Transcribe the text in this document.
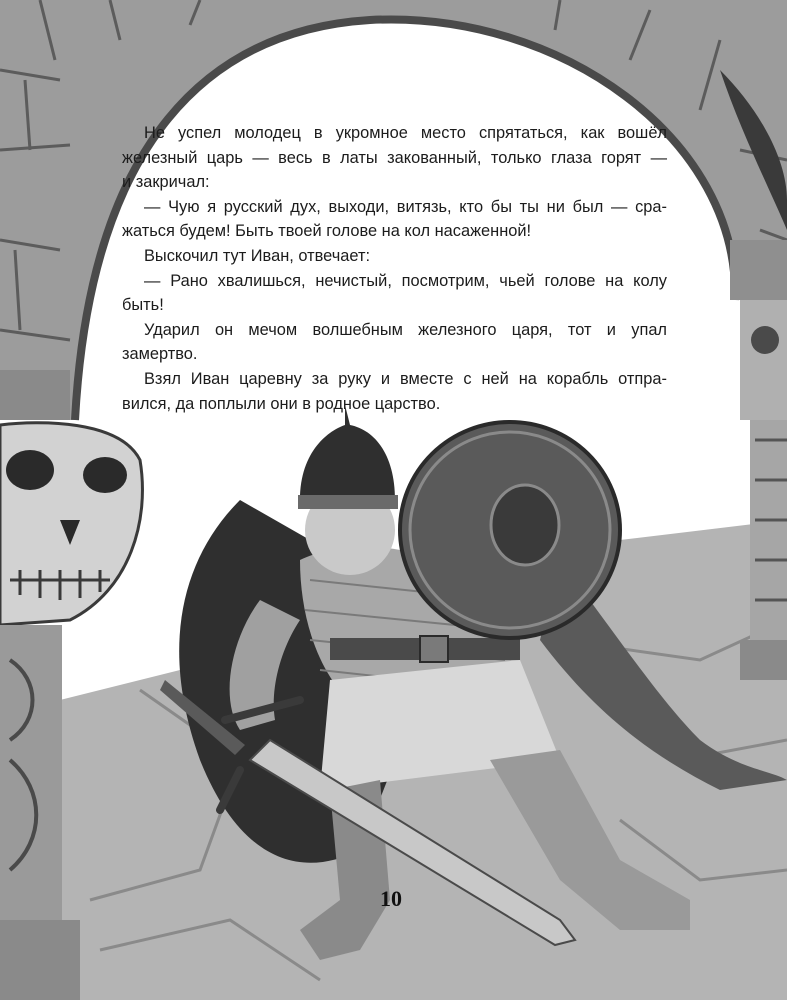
Не успел молодец в укромное место спрятаться, как вошёл
железный царь — весь в латы закованный, только глаза горят —
и закричал:

— Чую я русский дух, выходи, витязь, кто бы ты ни был — сра-
жаться будем! Быть твоей голове на кол насаженной!

Выскочил тут Иван, отвечает:

— Рано хвалишься, нечистый, посмотрим, чьей голове на колу
быть!

Ударил он мечом волшебным железного царя, тот и упал
замертво.

Взял Иван царевну за руку и вместе с ней на корабль отпра-
вился, да поплыли они в родное царство.

10
